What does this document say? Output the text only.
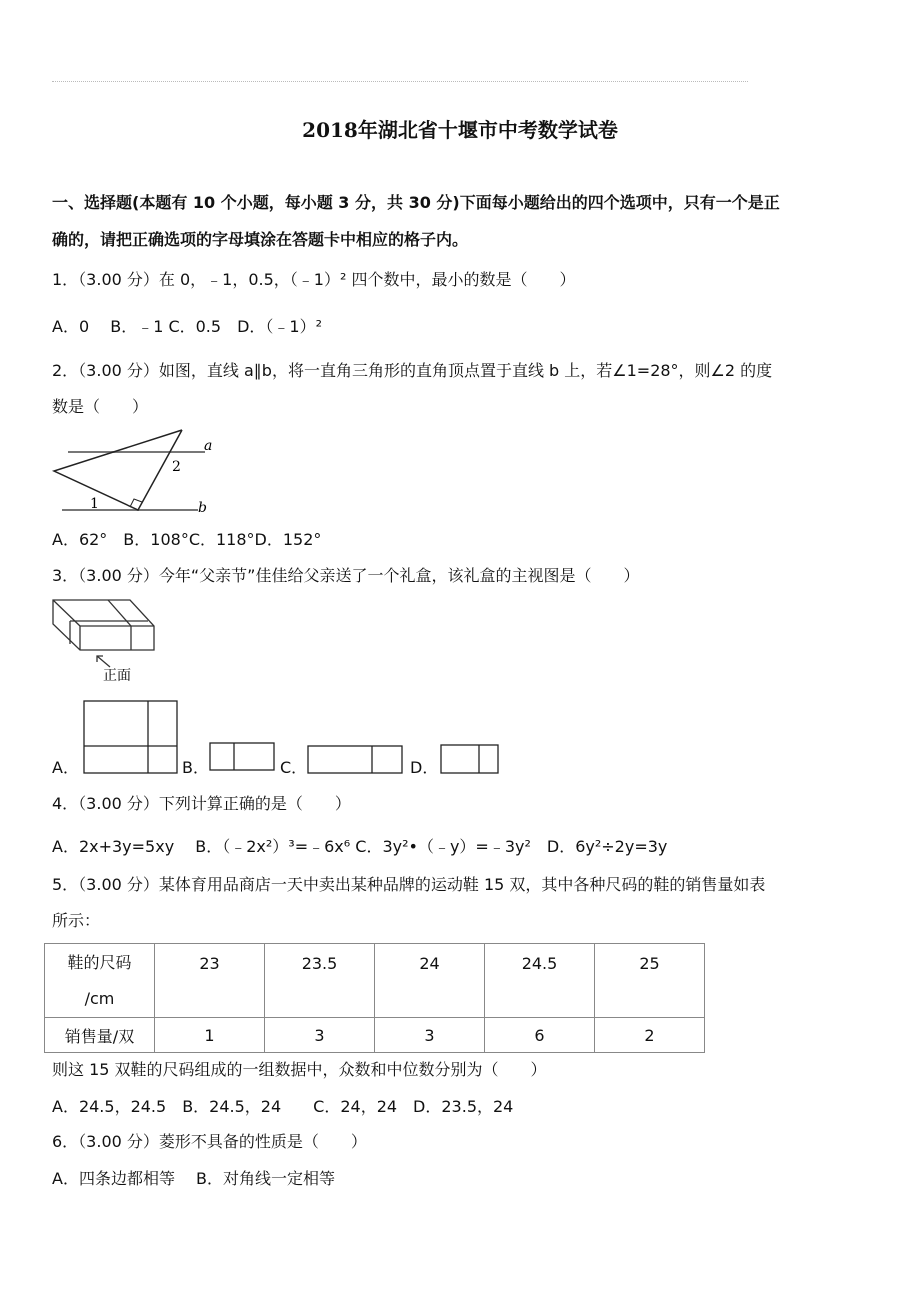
2018年湖北省十堰市中考数学试卷
一、选择题(本题有 10 个小题，每小题 3 分，共 30 分)下面每小题给出的四个选项中，只有一个是正
确的，请把正确选项的字母填涂在答题卡中相应的格子内。
1．（3.00 分）在 0，﹣1，0.5，（﹣1）² 四个数中，最小的数是（　　）
A．0　 B．﹣1 C．0.5　D．（﹣1）²
2．（3.00 分）如图，直线 a∥b，将一直角三角形的直角顶点置于直线 b 上，若∠1=28°，则∠2 的度
数是（　　）
a
b
1
2
A．62°　B．108°C．118°D．152°
3．（3.00 分）今年“父亲节”佳佳给父亲送了一个礼盒，该礼盒的主视图是（　　）
正面
A．	B．	C．	D．
4．（3.00 分）下列计算正确的是（　　）
A．2x+3y=5xy　 B．（﹣2x²）³=﹣6x⁶ C．3y²•（﹣y）=﹣3y²　D．6y²÷2y=3y
5．（3.00 分）某体育用品商店一天中卖出某种品牌的运动鞋 15 双，其中各种尺码的鞋的销售量如表
所示：
鞋的尺码
/cm	23	23.5	24	24.5	25
销售量/双	1	3	3	6	2
则这 15 双鞋的尺码组成的一组数据中，众数和中位数分别为（　　）
A．24.5，24.5　B．24.5，24　　C．24，24　D．23.5，24
6．（3.00 分）菱形不具备的性质是（　　）
A．四条边都相等　 B．对角线一定相等
